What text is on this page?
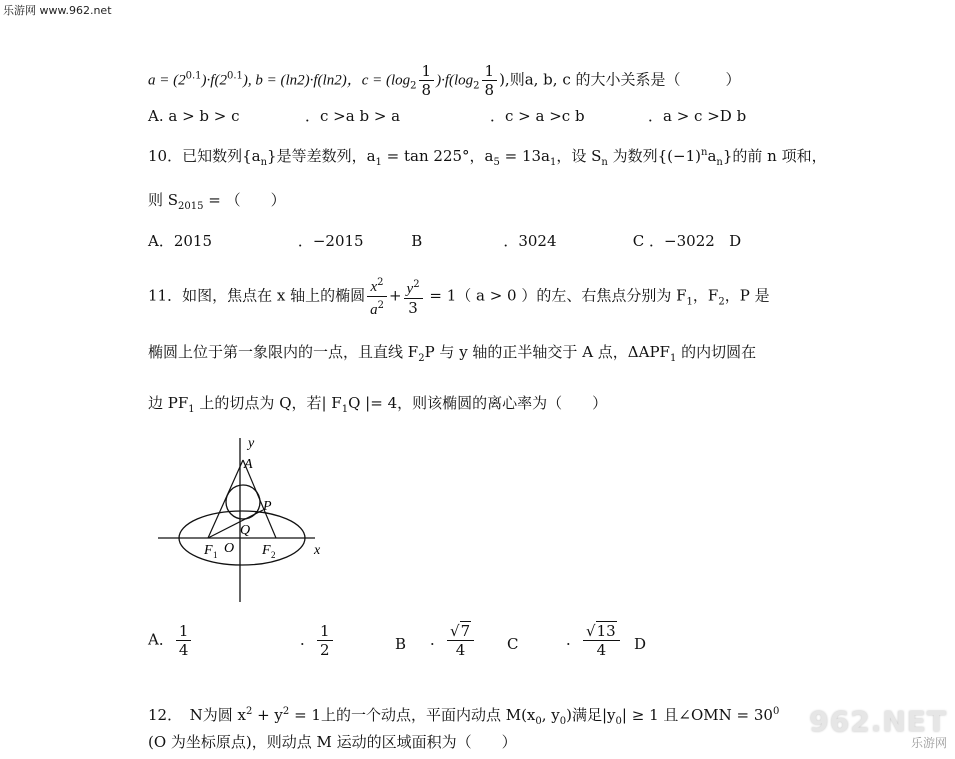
乐游网 www.962.net
$a = (2^{0.1})\cdot f(2^{0.1})$, b = (ln2)·f(ln2)，$c = (\log_2 \frac{1}{8} )\cdot f(\log_2 \frac{1}{8}$ ),则a, b, c 的大小关系是（　　　）
A. a > b > c	．c >a b > a	．c > a >c b	．a > c >D b
10．已知数列$\{a_n\}$是等差数列，$a_1 = \tan 225^\circ$，$a_5 = 13a_1$，设 $S_n$ 为数列$\{(-1)^na_n\}$的前 n 项和，
则 $S_{2015}$ = （　　）
A．2015                  ．−2015          B                 ．3024                C ．−3022   D
11．如图，焦点在 x 轴上的椭圆 $\frac{x^2}{a^2} + \frac{y^2}{3} = 1$（ a > 0 ）的左、右焦点分别为 $F_1$，$F_2$，P 是
椭圆上位于第一象限内的一点，且直线 $F_2P$ 与 y 轴的正半轴交于 A 点，$\Delta APF_1$ 的内切圆在
边 $PF_1$ 上的切点为 Q，若| $F_1Q$ |= 4，则该椭圆的离心率为（　　）
y
A
P
Q
O
F 1	F 2	x
A． $\frac{1}{4}$	． $\frac{1}{2}$	B ． $\frac{√7}{4}$ C	． $\frac{√13}{4}$ D
12．　N为圆 $x^2 + y^2 = 1$上的一个动点，平面内动点 $M(x_0$, $y_0$)满足$|y_0| \ge 1$ 且∠OMN = $30^0$
(O 为坐标原点)，则动点 M 运动的区域面积为（　　）
962.NET
乐游网
